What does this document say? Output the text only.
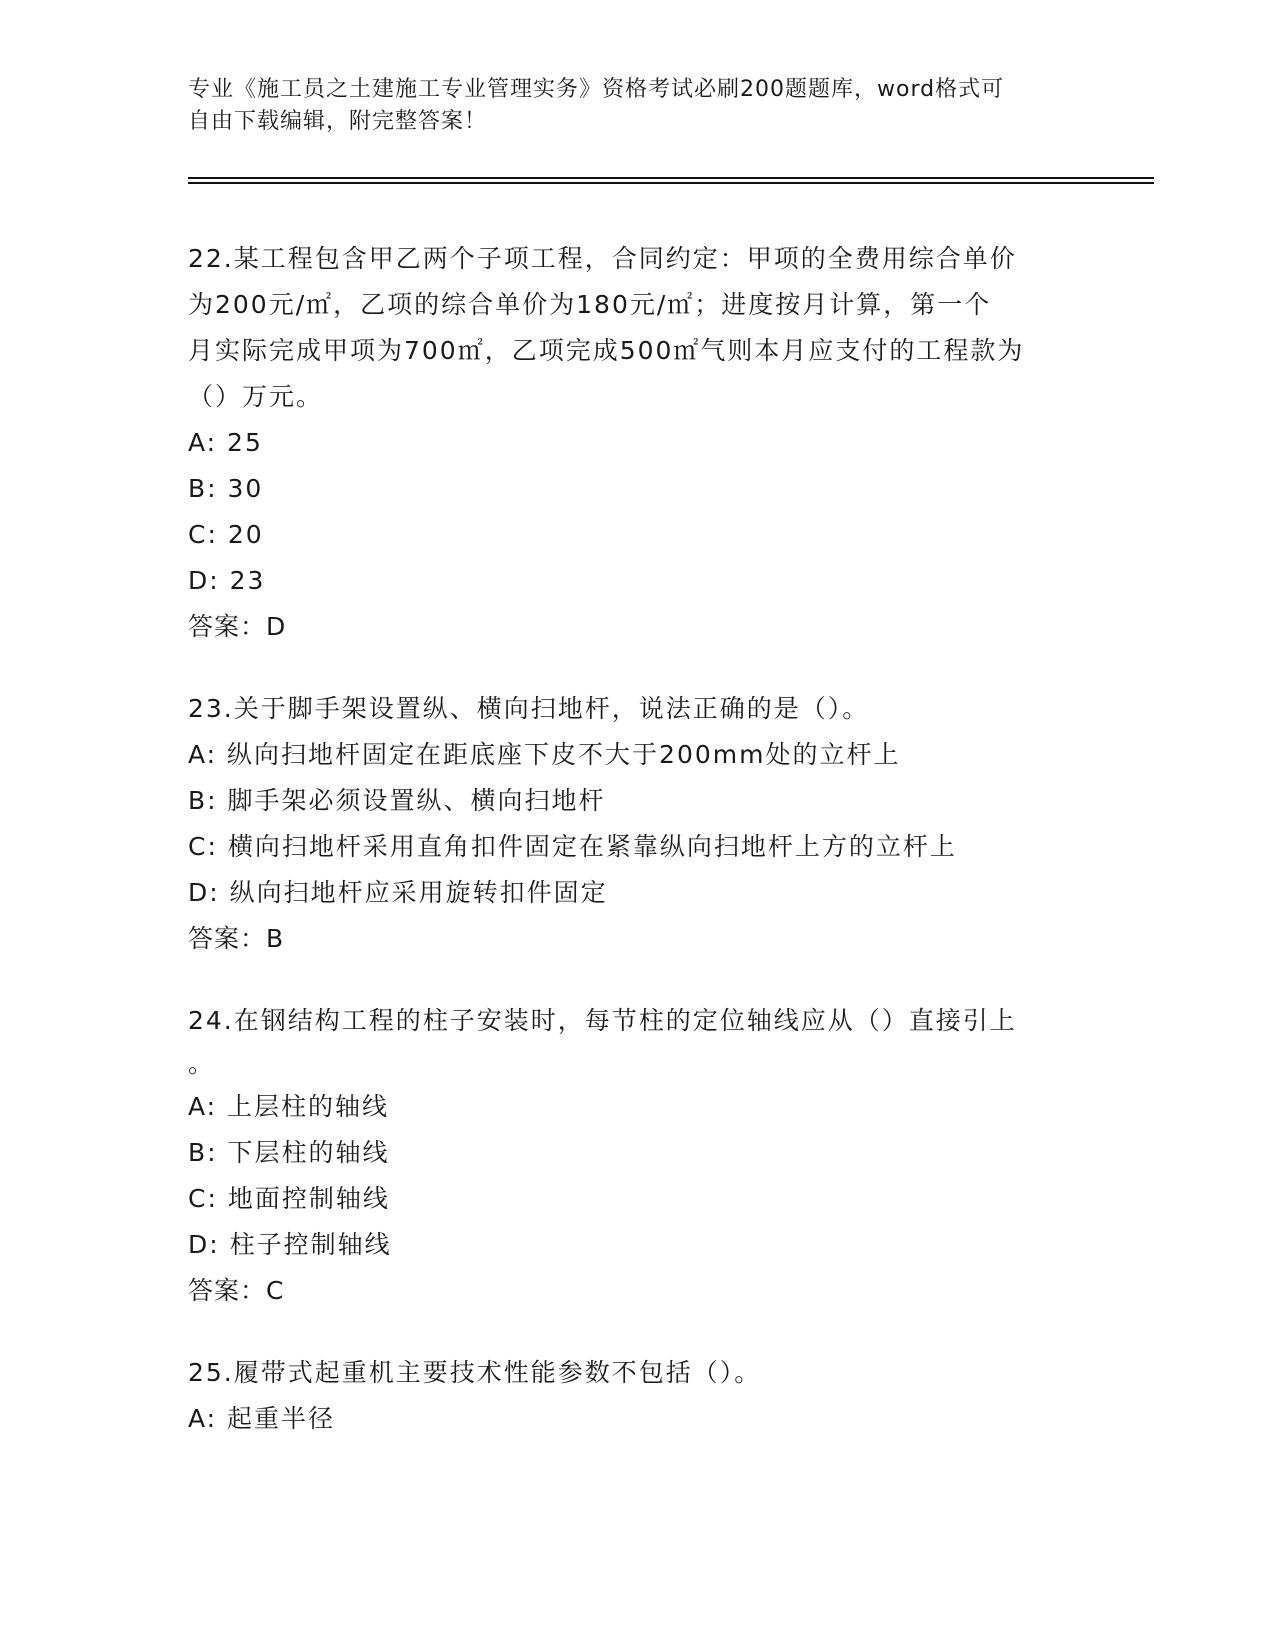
专业《施工员之土建施工专业管理实务》资格考试必刷200题题库，word格式可
自由下载编辑，附完整答案！
22.某工程包含甲乙两个子项工程，合同约定：甲项的全费用综合单价
为200元/㎡，乙项的综合单价为180元/㎡；进度按月计算，第一个
月实际完成甲项为700㎡，乙项完成500㎡气则本月应支付的工程款为
（）万元。
A: 25
B: 30
C: 20
D: 23
答案：D
23.关于脚手架设置纵、横向扫地杆，说法正确的是（）。
A: 纵向扫地杆固定在距底座下皮不大于200mm处的立杆上
B: 脚手架必须设置纵、横向扫地杆
C: 横向扫地杆采用直角扣件固定在紧靠纵向扫地杆上方的立杆上
D: 纵向扫地杆应采用旋转扣件固定
答案：B
24.在钢结构工程的柱子安装时，每节柱的定位轴线应从（）直接引上
。
A: 上层柱的轴线
B: 下层柱的轴线
C: 地面控制轴线
D: 柱子控制轴线
答案：C
25.履带式起重机主要技术性能参数不包括（）。
A: 起重半径
